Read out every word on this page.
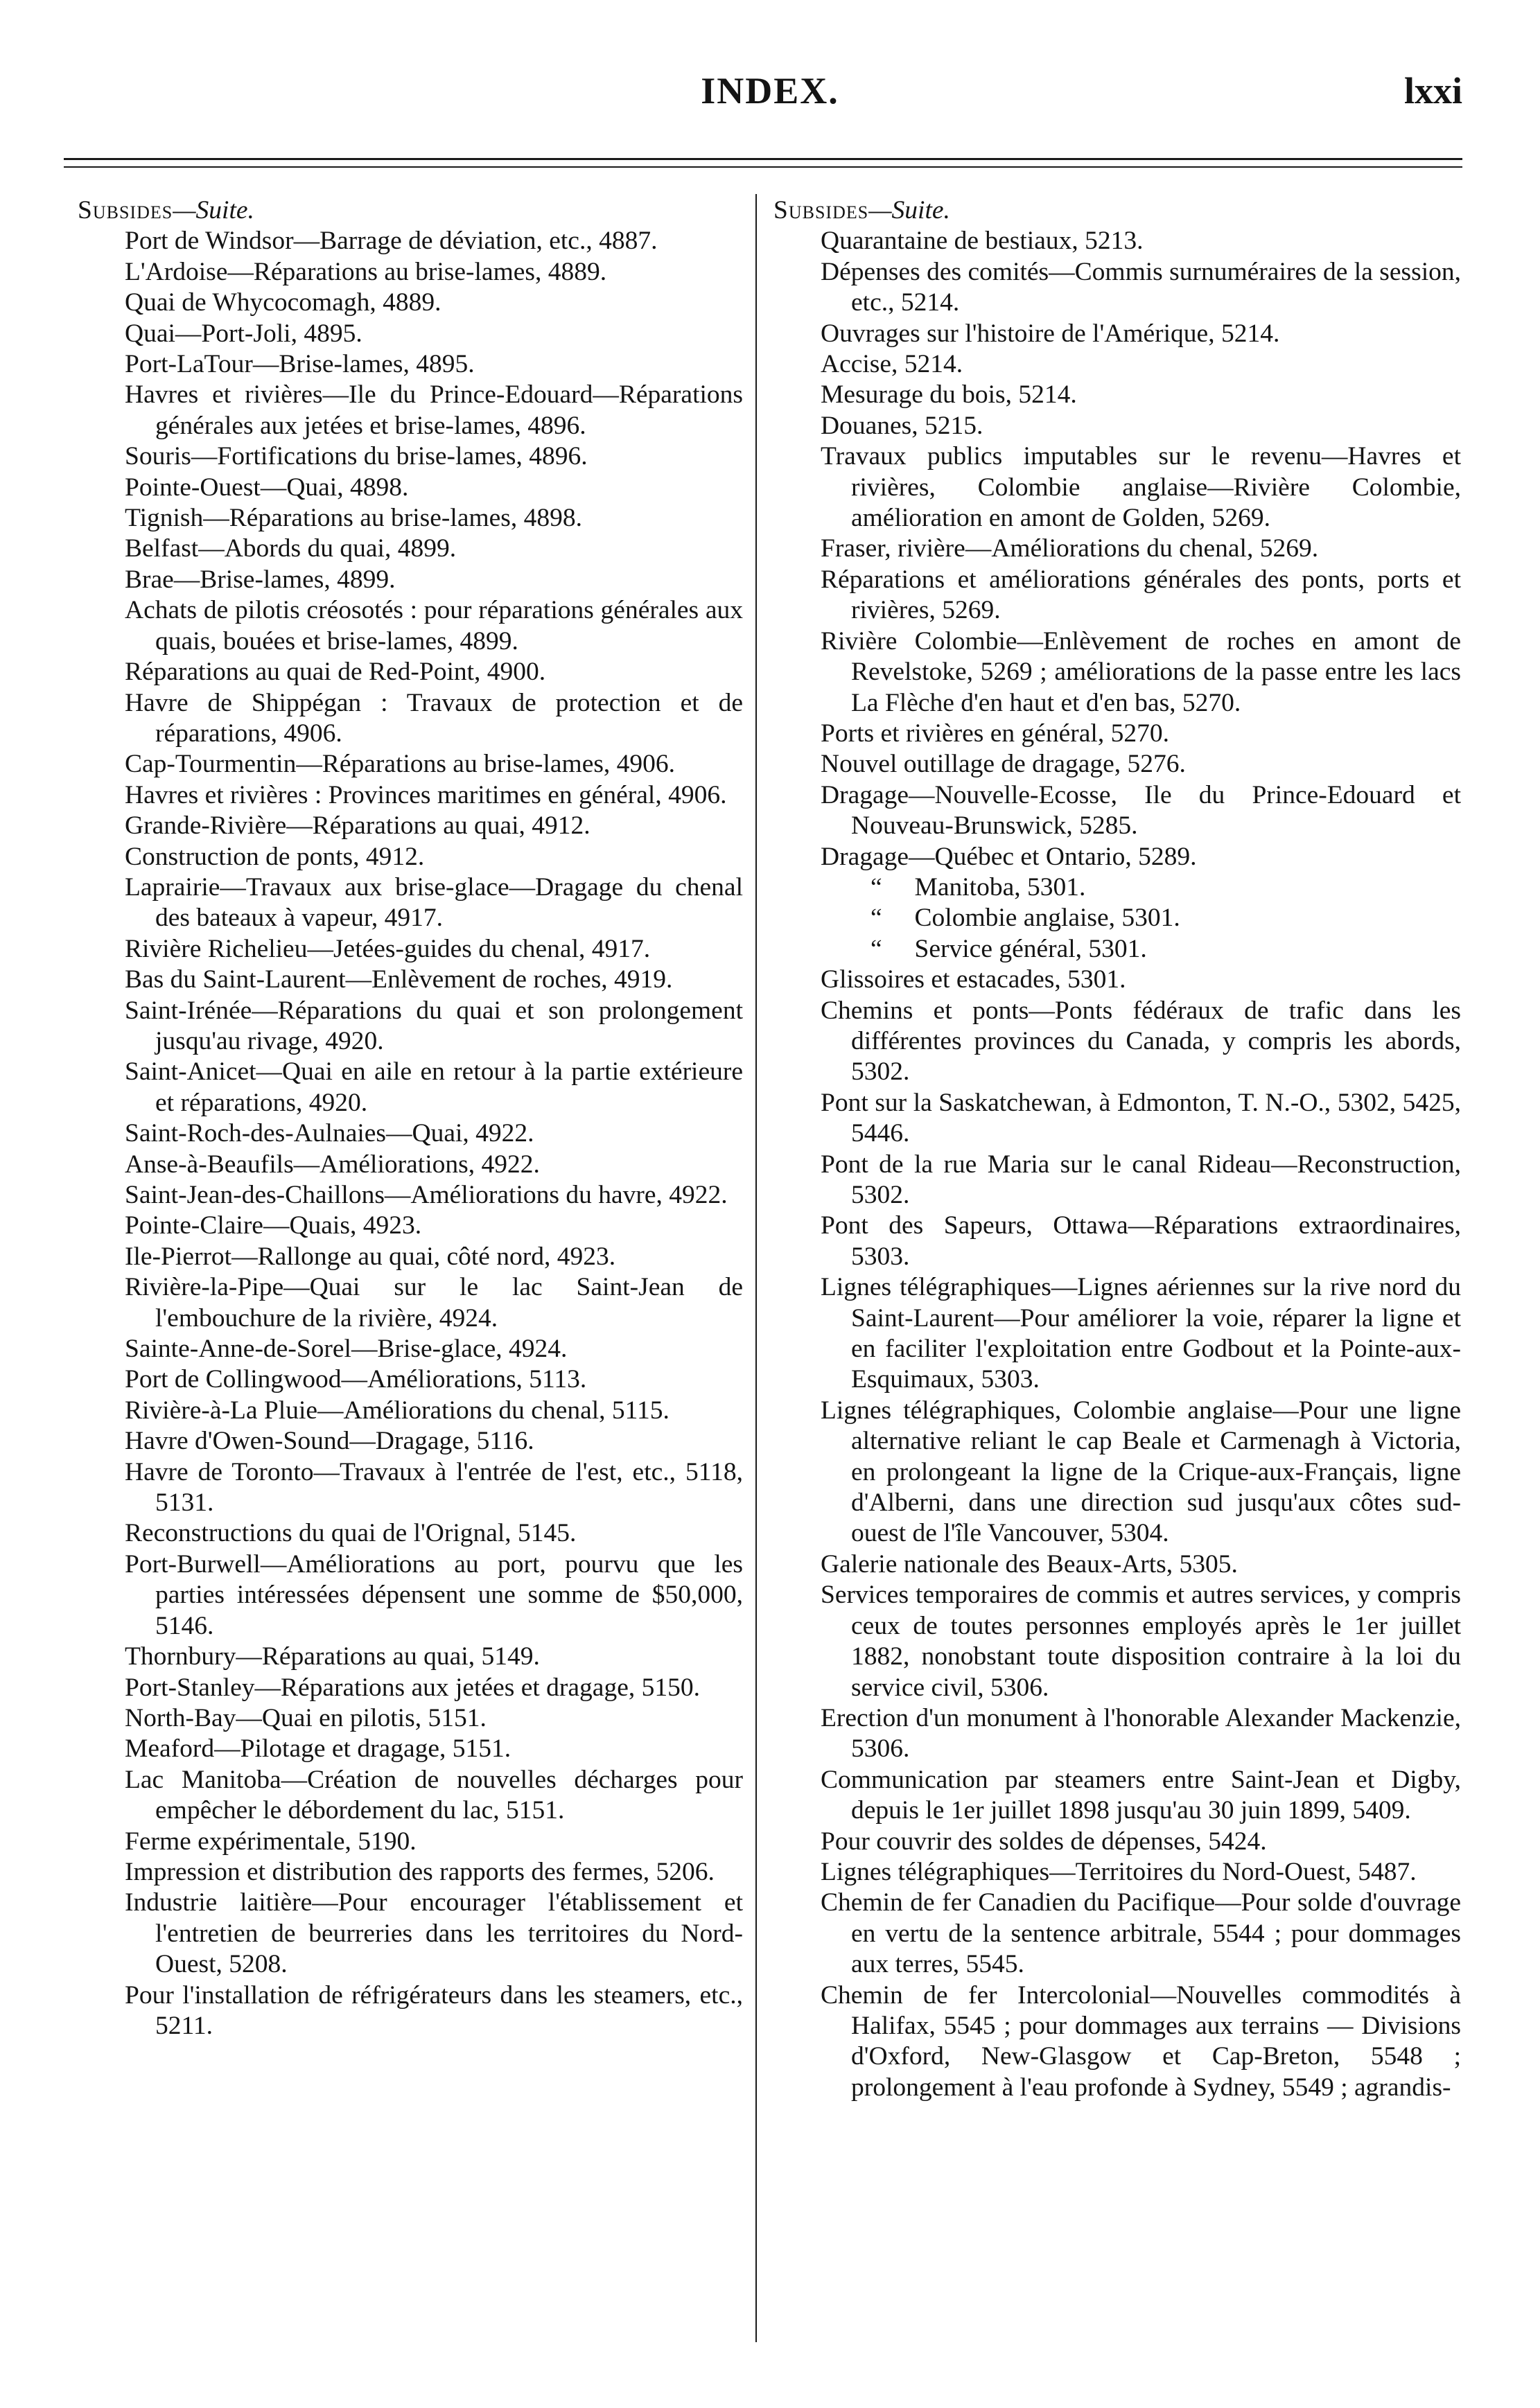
INDEX.	lxxi
Subsides—Suite.

Port de Windsor—Barrage de déviation, etc., 4887.

L'Ardoise—Réparations au brise-lames, 4889.

Quai de Whycocomagh, 4889.

Quai—Port-Joli, 4895.

Port-LaTour—Brise-lames, 4895.

Havres et rivières—Ile du Prince-Edouard—Réparations générales aux jetées et brise-lames, 4896.

Souris—Fortifications du brise-lames, 4896.

Pointe-Ouest—Quai, 4898.

Tignish—Réparations au brise-lames, 4898.

Belfast—Abords du quai, 4899.

Brae—Brise-lames, 4899.

Achats de pilotis créosotés : pour réparations générales aux quais, bouées et brise-lames, 4899.

Réparations au quai de Red-Point, 4900.

Havre de Shippégan : Travaux de protection et de réparations, 4906.

Cap-Tourmentin—Réparations au brise-lames, 4906.

Havres et rivières : Provinces maritimes en général, 4906.

Grande-Rivière—Réparations au quai, 4912.

Construction de ponts, 4912.

Laprairie—Travaux aux brise-glace—Dragage du chenal des bateaux à vapeur, 4917.

Rivière Richelieu—Jetées-guides du chenal, 4917.

Bas du Saint-Laurent—Enlèvement de roches, 4919.

Saint-Irénée—Réparations du quai et son prolongement jusqu'au rivage, 4920.

Saint-Anicet—Quai en aile en retour à la partie extérieure et réparations, 4920.

Saint-Roch-des-Aulnaies—Quai, 4922.

Anse-à-Beaufils—Améliorations, 4922.

Saint-Jean-des-Chaillons—Améliorations du havre, 4922.

Pointe-Claire—Quais, 4923.

Ile-Pierrot—Rallonge au quai, côté nord, 4923.

Rivière-la-Pipe—Quai sur le lac Saint-Jean de l'embouchure de la rivière, 4924.

Sainte-Anne-de-Sorel—Brise-glace, 4924.

Port de Collingwood—Améliorations, 5113.

Rivière-à-La Pluie—Améliorations du chenal, 5115.

Havre d'Owen-Sound—Dragage, 5116.

Havre de Toronto—Travaux à l'entrée de l'est, etc., 5118, 5131.

Reconstructions du quai de l'Orignal, 5145.

Port-Burwell—Améliorations au port, pourvu que les parties intéressées dépensent une somme de $50,000, 5146.

Thornbury—Réparations au quai, 5149.

Port-Stanley—Réparations aux jetées et dragage, 5150.

North-Bay—Quai en pilotis, 5151.

Meaford—Pilotage et dragage, 5151.

Lac Manitoba—Création de nouvelles décharges pour empêcher le débordement du lac, 5151.

Ferme expérimentale, 5190.

Impression et distribution des rapports des fermes, 5206.

Industrie laitière—Pour encourager l'établissement et l'entretien de beurreries dans les territoires du Nord-Ouest, 5208.

Pour l'installation de réfrigérateurs dans les steamers, etc., 5211.

Subsides—Suite.

Quarantaine de bestiaux, 5213.

Dépenses des comités—Commis surnuméraires de la session, etc., 5214.

Ouvrages sur l'histoire de l'Amérique, 5214.

Accise, 5214.

Mesurage du bois, 5214.

Douanes, 5215.

Travaux publics imputables sur le revenu—Havres et rivières, Colombie anglaise—Rivière Colombie, amélioration en amont de Golden, 5269.

Fraser, rivière—Améliorations du chenal, 5269.

Réparations et améliorations générales des ponts, ports et rivières, 5269.

Rivière Colombie—Enlèvement de roches en amont de Revelstoke, 5269 ; améliorations de la passe entre les lacs La Flèche d'en haut et d'en bas, 5270.

Ports et rivières en général, 5270.

Nouvel outillage de dragage, 5276.

Dragage—Nouvelle-Ecosse, Ile du Prince-Edouard et Nouveau-Brunswick, 5285.

Dragage—Québec et Ontario, 5289.

“     Manitoba, 5301.

“     Colombie anglaise, 5301.

“     Service général, 5301.

Glissoires et estacades, 5301.

Chemins et ponts—Ponts fédéraux de trafic dans les différentes provinces du Canada, y compris les abords, 5302.

Pont sur la Saskatchewan, à Edmonton, T. N.-O., 5302, 5425, 5446.

Pont de la rue Maria sur le canal Rideau—Reconstruction, 5302.

Pont des Sapeurs, Ottawa—Réparations extraordinaires, 5303.

Lignes télégraphiques—Lignes aériennes sur la rive nord du Saint-Laurent—Pour améliorer la voie, réparer la ligne et en faciliter l'exploitation entre Godbout et la Pointe-aux-Esquimaux, 5303.

Lignes télégraphiques, Colombie anglaise—Pour une ligne alternative reliant le cap Beale et Carmenagh à Victoria, en prolongeant la ligne de la Crique-aux-Français, ligne d'Alberni, dans une direction sud jusqu'aux côtes sud-ouest de l'île Vancouver, 5304.

Galerie nationale des Beaux-Arts, 5305.

Services temporaires de commis et autres services, y compris ceux de toutes personnes employés après le 1er juillet 1882, nonobstant toute disposition contraire à la loi du service civil, 5306.

Erection d'un monument à l'honorable Alexander Mackenzie, 5306.

Communication par steamers entre Saint-Jean et Digby, depuis le 1er juillet 1898 jusqu'au 30 juin 1899, 5409.

Pour couvrir des soldes de dépenses, 5424.

Lignes télégraphiques—Territoires du Nord-Ouest, 5487.

Chemin de fer Canadien du Pacifique—Pour solde d'ouvrage en vertu de la sentence arbitrale, 5544 ; pour dommages aux terres, 5545.

Chemin de fer Intercolonial—Nouvelles commodités à Halifax, 5545 ; pour dommages aux terrains — Divisions d'Oxford, New-Glasgow et Cap-Breton, 5548 ; prolongement à l'eau profonde à Sydney, 5549 ; agrandis-
